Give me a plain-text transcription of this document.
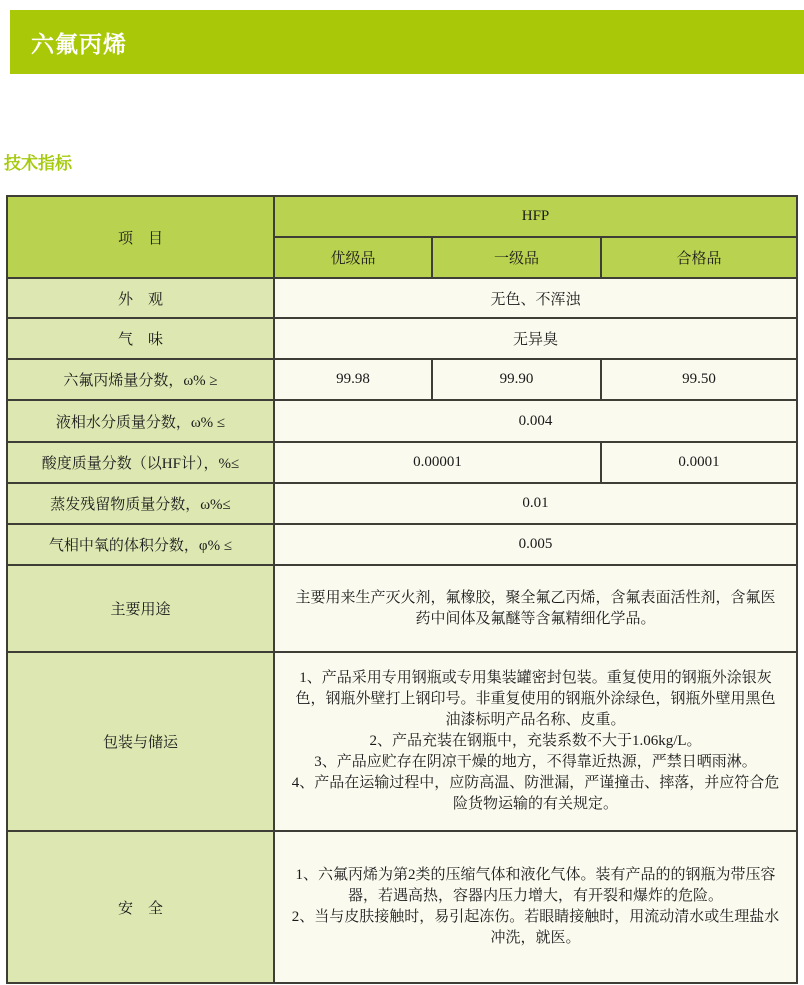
六氟丙烯
技术指标
项　目	HFP		
	优级品	一级品	合格品
外　观	无色、不浑浊		
气　味	无异臭		
六氟丙烯量分数，ω% ≥	99.98	99.90	99.50
液相水分质量分数，ω% ≤	0.004		
酸度质量分数（以HF计），%≤	0.00001		0.0001
蒸发残留物质量分数，ω%≤	0.01		
气相中氧的体积分数，φ% ≤	0.005		
主要用途	主要用来生产灭火剂，氟橡胶，聚全氟乙丙烯，含氟表面活性剂，含氟医药中间体及氟醚等含氟精细化学品。		
包装与储运	1、产品采用专用钢瓶或专用集装罐密封包装。重复使用的钢瓶外涂银灰色，钢瓶外壁打上钢印号。非重复使用的钢瓶外涂绿色，钢瓶外壁用黑色油漆标明产品名称、皮重。
2、产品充装在钢瓶中，充装系数不大于1.06kg/L。
3、产品应贮存在阴凉干燥的地方，不得靠近热源，严禁日晒雨淋。
4、产品在运输过程中，应防高温、防泄漏，严谨撞击、摔落，并应符合危险货物运输的有关规定。		

安　全	1、六氟丙烯为第2类的压缩气体和液化气体。装有产品的的钢瓶为带压容器，若遇高热，容器内压力增大，有开裂和爆炸的危险。
2、当与皮肤接触时，易引起冻伤。若眼睛接触时，用流动清水或生理盐水冲洗，就医。		
